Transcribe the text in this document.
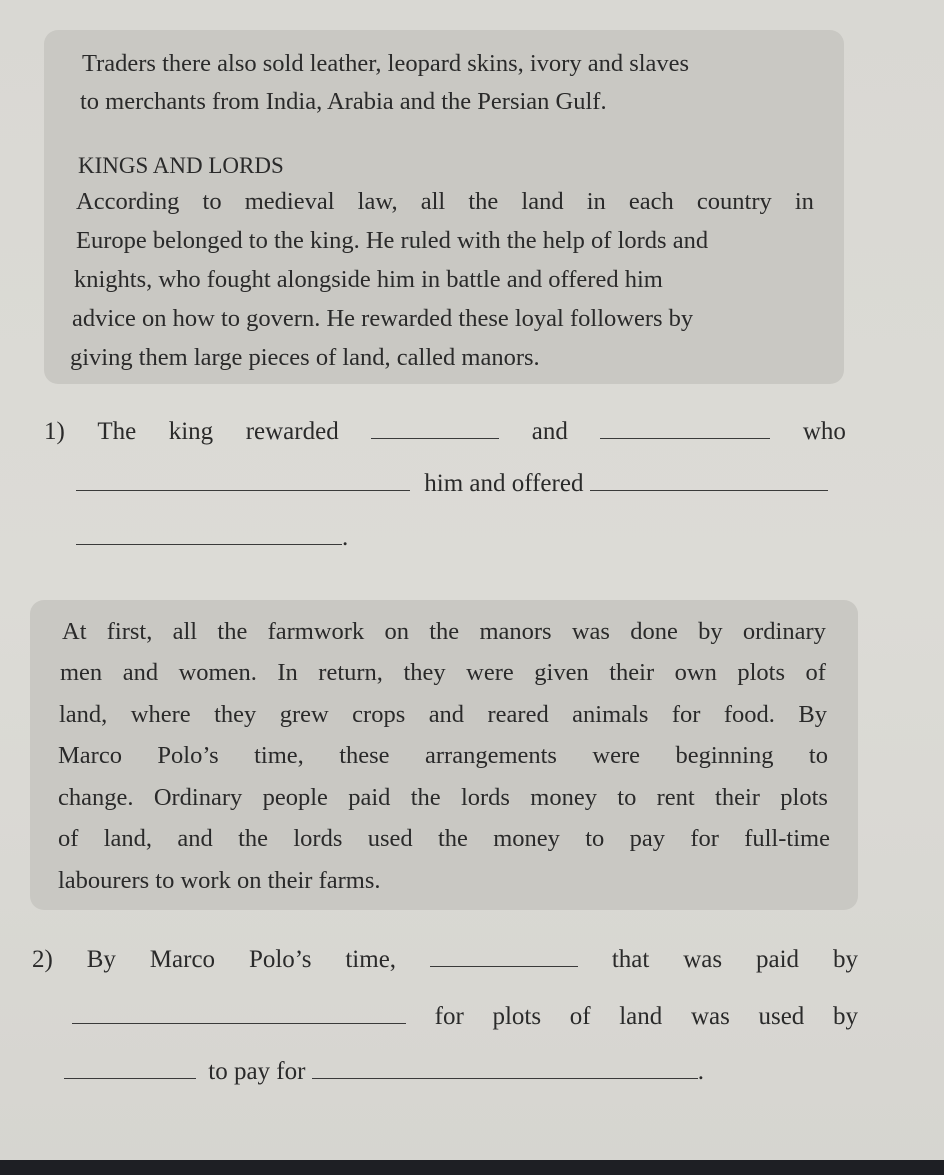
Traders there also sold leather, leopard skins, ivory and slaves
to merchants from India, Arabia and the Persian Gulf.
KINGS AND LORDS
According to medieval law, all the land in each country in
Europe belonged to the king. He ruled with the help of lords and
knights, who fought alongside him in battle and offered him
advice on how to govern. He rewarded these loyal followers by
giving them large pieces of land, called manors.
1) The king rewarded	and	who
him and offered
.
At first, all the farmwork on the manors was done by ordinary
men and women. In return, they were given their own plots of
land, where they grew crops and reared animals for food. By
Marco Polo’s time, these arrangements were beginning to
change. Ordinary people paid the lords money to rent their plots
of land, and the lords used the money to pay for full-time
labourers to work on their farms.
2) By Marco Polo’s time,	that was paid by
for plots of land was used by
to pay for	.
